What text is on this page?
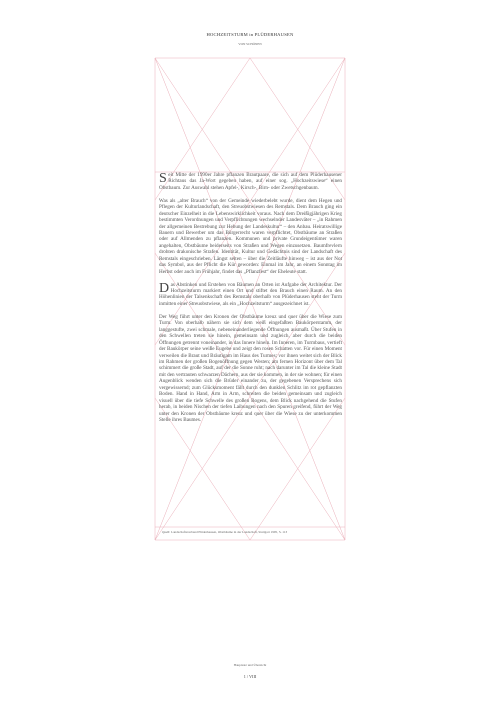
HOCHZEITSTURM in PLÜDERHAUSEN
VON SCHÖNEN

Seit Mitte der 1990er Jahre pflanzen Brautpaare, die sich auf dem Plüderhausener Richtaus das Ja-Wort gegeben haben, auf einer sog. „Hochzeitswiese“ einen Obstbaum. Zur Auswahl stehen Apfel-, Kirsch-, Birn- oder Zwetschgenbaum.

Was als „alter Brauch“ von der Gemeinde wiederbelebt wurde, dient dem Hegen und Pflegen der Kulturlandschaft, den Streuobstwiesen des Remstals. Dem Brauch ging ein deutscher Einzelheit in die Lebenswirklichkeit voraus. Nach dem Dreißigjährigen Krieg bestimmten Verordnungen und Verpflichtungen wechselnder Landesväter – „in Rahmen der allgemeinen Bestrebung zur Hebung der Landeskultur“ – den Anbau. Heiratswillige Bauern und Bewerber um das Bürgerrecht waren verpflichtet, Obstbäume an Straßen oder auf Allmenden zu pflanzen. Kommunen und private Grundeigentümer waren angehalten, Obstbäume beiderseits von Straßen und Wegen einzusetzen. Baumfrevlern drohten drakonische Strafen. Identität, Kultur und Gedächtnis sind der Landschaft des Remstals eingeschrieben. Längst selten – über die Zeitläufte hinweg – ist aus der Not das Symbol, aus der Pflicht die Kür geworden: Einmal im Jahr, an einem Sonntag im Herbst oder auch im Frühjahr, findet das „Pflanzfest“ der Eheleute statt.

Das Abstinken und Erstehen von Bäumen an Orten ist Aufgabe der Architektur. Der Hochzeitsturm markiert einen Ort und stiftet den Brauch einen Raum. An den Höhenlinien der Talsenkschaft des Remstals oberhalb von Plüderhausen steht der Turm inmitten einer Streuobstwiese, als ein „Hochzeitsturm“ ausgezeichnet ist.

Der Weg führt unter den Kronen der Obstbäume kreuz und quer über die Wiese zum Turm. Von oberhalb nähern sie sich dem weiß eingefaßten Baukörperstamm, der langgestufte, zwei schmale, nebeneinanderliegende Öffnungen ausmaßt. Über Stufen in den Schwellen treten sie hinein, gemeinsam und zugleich, aber durch die beiden Öffnungen getrennt voneinander, in das Innere hinein. Im Inneren, im Turmbaus, vertieft der Baukörper seine weiße Eugebe und zeigt den rosen Schatten vor. Für einen Moment verweilen die Braut und Bräutigam im Haus des Turmes; vor ihnen weitet sich der Blick im Rahmen der großen Bogenöffnung gegen Westen; am fernen Horizont über dem Tal schimmert die große Stadt, auf der die Sonne ruht; nach darunter im Tal die kleine Stadt mit den vertrauten schwarzen Dächern, aus der sie kommen, in der sie wohnen; für einen Augenblick wenden sich die Brüder einander zu, der gegebenen Versprechens sich vergewissernd; zum Glücksmoment fällt durch den dunklen Schlitz im rot gepflanzten Boden. Hand in Hand, Arm in Arm, schreiten die beiden gemeinsam und zugleich visuell über die tiefe Schwelle des großen Bogens, dem Blick nachgehend die Stufen herab, in beiden Nischen der tiefen Laibungen nach den Spuren greifend, führt der Weg unter den Kronen der Obstbäume kreuz und quer über die Wiese zu der unterkommen Stelle ihres Baumes.

Quell: Landschaftsverband Plüderhausen, Obstbäume in der Landschaft, Stuttgart 1995, S. 113
Hauptsatz und Übersicht
1 / VIII
